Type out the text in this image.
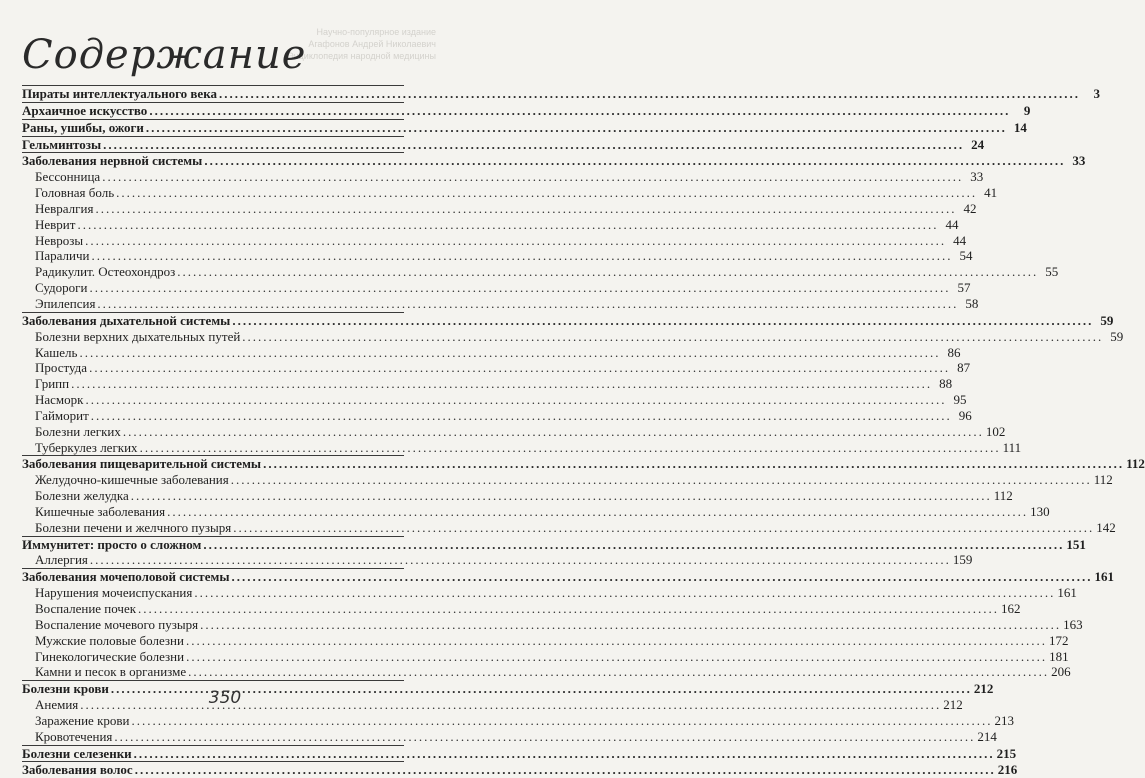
Научно-популярное издание
Агафонов Андрей Николаевич
Энциклопедия народной медицины
Содержание
Пираты интеллектуального века .....	3
Архаичное искусство .....	9
Раны, ушибы, ожоги .....	14
Гельминтозы .....	24
Заболевания нервной системы .....	33
Бессонница .....	33
Головная боль .....	41
Невралгия .....	42
Неврит .....	44
Неврозы .....	44
Параличи .....	54
Радикулит. Остеохондроз .....	55
Судороги .....	57
Эпилепсия .....	58
Заболевания дыхательной системы .....	59
Болезни верхних дыхательных путей .....	59
Кашель .....	86
Простуда .....	87
Грипп .....	88
Насморк .....	95
Гайморит .....	96
Болезни легких .....	102
Туберкулез легких .....	111
Заболевания пищеварительной системы .....	112
Желудочно-кишечные заболевания .....	112
Болезни желудка .....	112
Кишечные заболевания .....	130
Болезни печени и желчного пузыря .....	142
Иммунитет: просто о сложном .....	151
Аллергия .....	159
Заболевания мочеполовой системы .....	161
Нарушения мочеиспускания .....	161
Воспаление почек .....	162
Воспаление мочевого пузыря .....	163
Мужские половые болезни .....	172
Гинекологические болезни .....	181
Камни и песок в организме .....	206
Болезни крови .....	212
Анемия .....	212
Заражение крови .....	213
Кровотечения .....	214
Болезни селезенки .....	215
Заболевания волос .....	216
350
